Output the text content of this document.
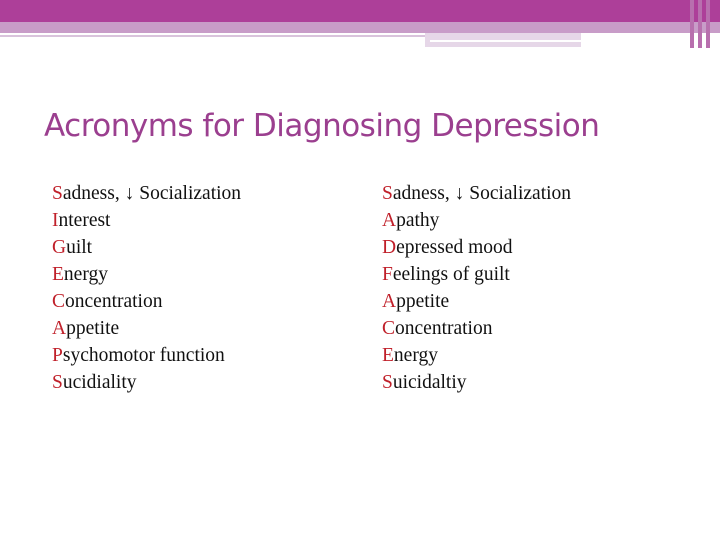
Acronyms for Diagnosing Depression
Sadness, ↓ Socialization
Interest
Guilt
Energy
Concentration
Appetite
Psychomotor function
Sucidiality
Sadness, ↓ Socialization
Apathy
Depressed mood
Feelings of guilt
Appetite
Concentration
Energy
Suicidaltiy
